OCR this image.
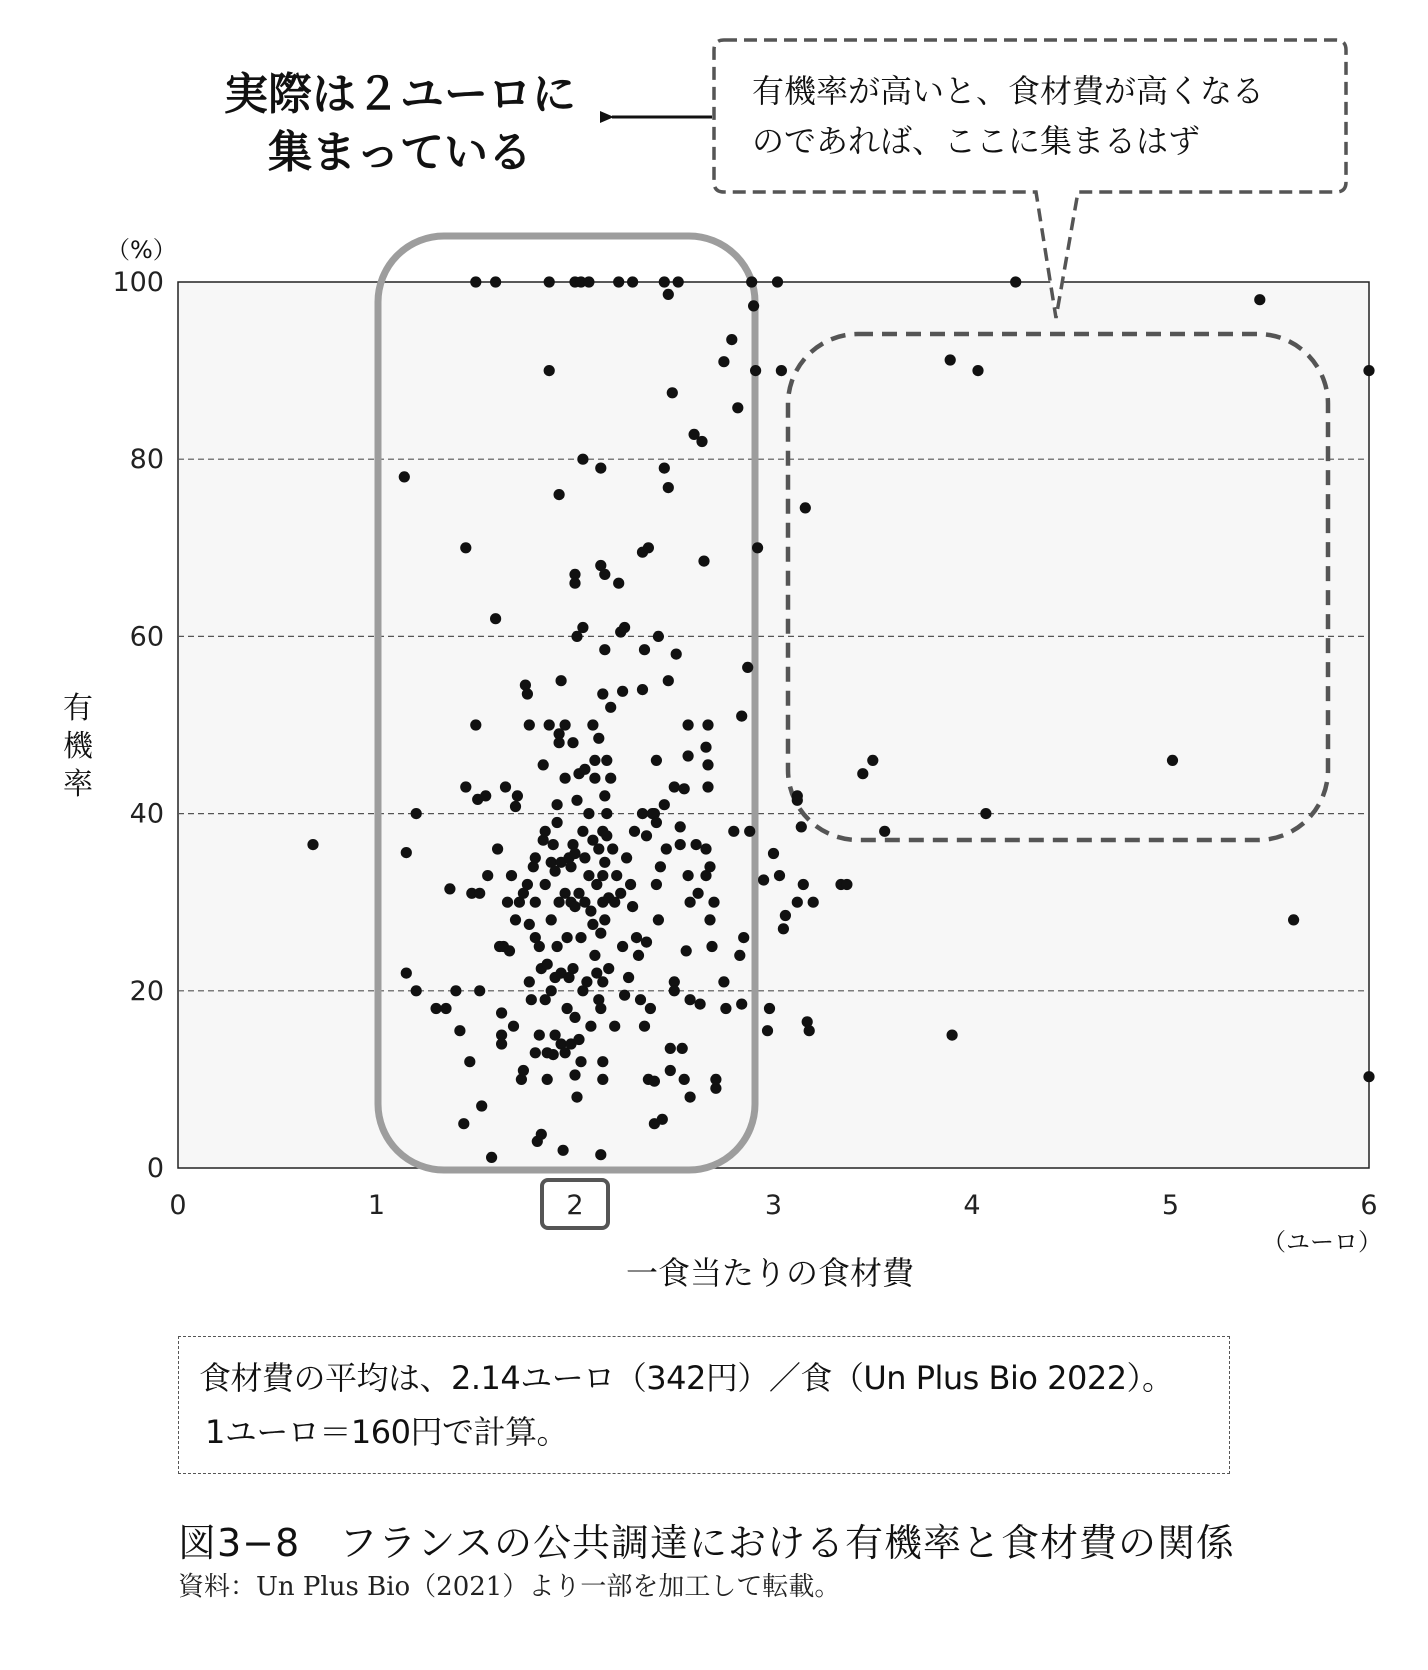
0
20
40
60
80
100
0	1	2	3	4	5	6
実際は２ユーロに
集まっている
有機率が高いと、食材費が高くなる
のであれば、ここに集まるはず
（%）
有機率
（ユーロ）
一食当たりの食材費
食材費の平均は、2.14ユーロ（342円）／食（Un Plus Bio 2022）。
1ユーロ＝160円で計算。
図3−8　フランスの公共調達における有機率と食材費の関係
資料：Un Plus Bio（2021）より一部を加工して転載。
